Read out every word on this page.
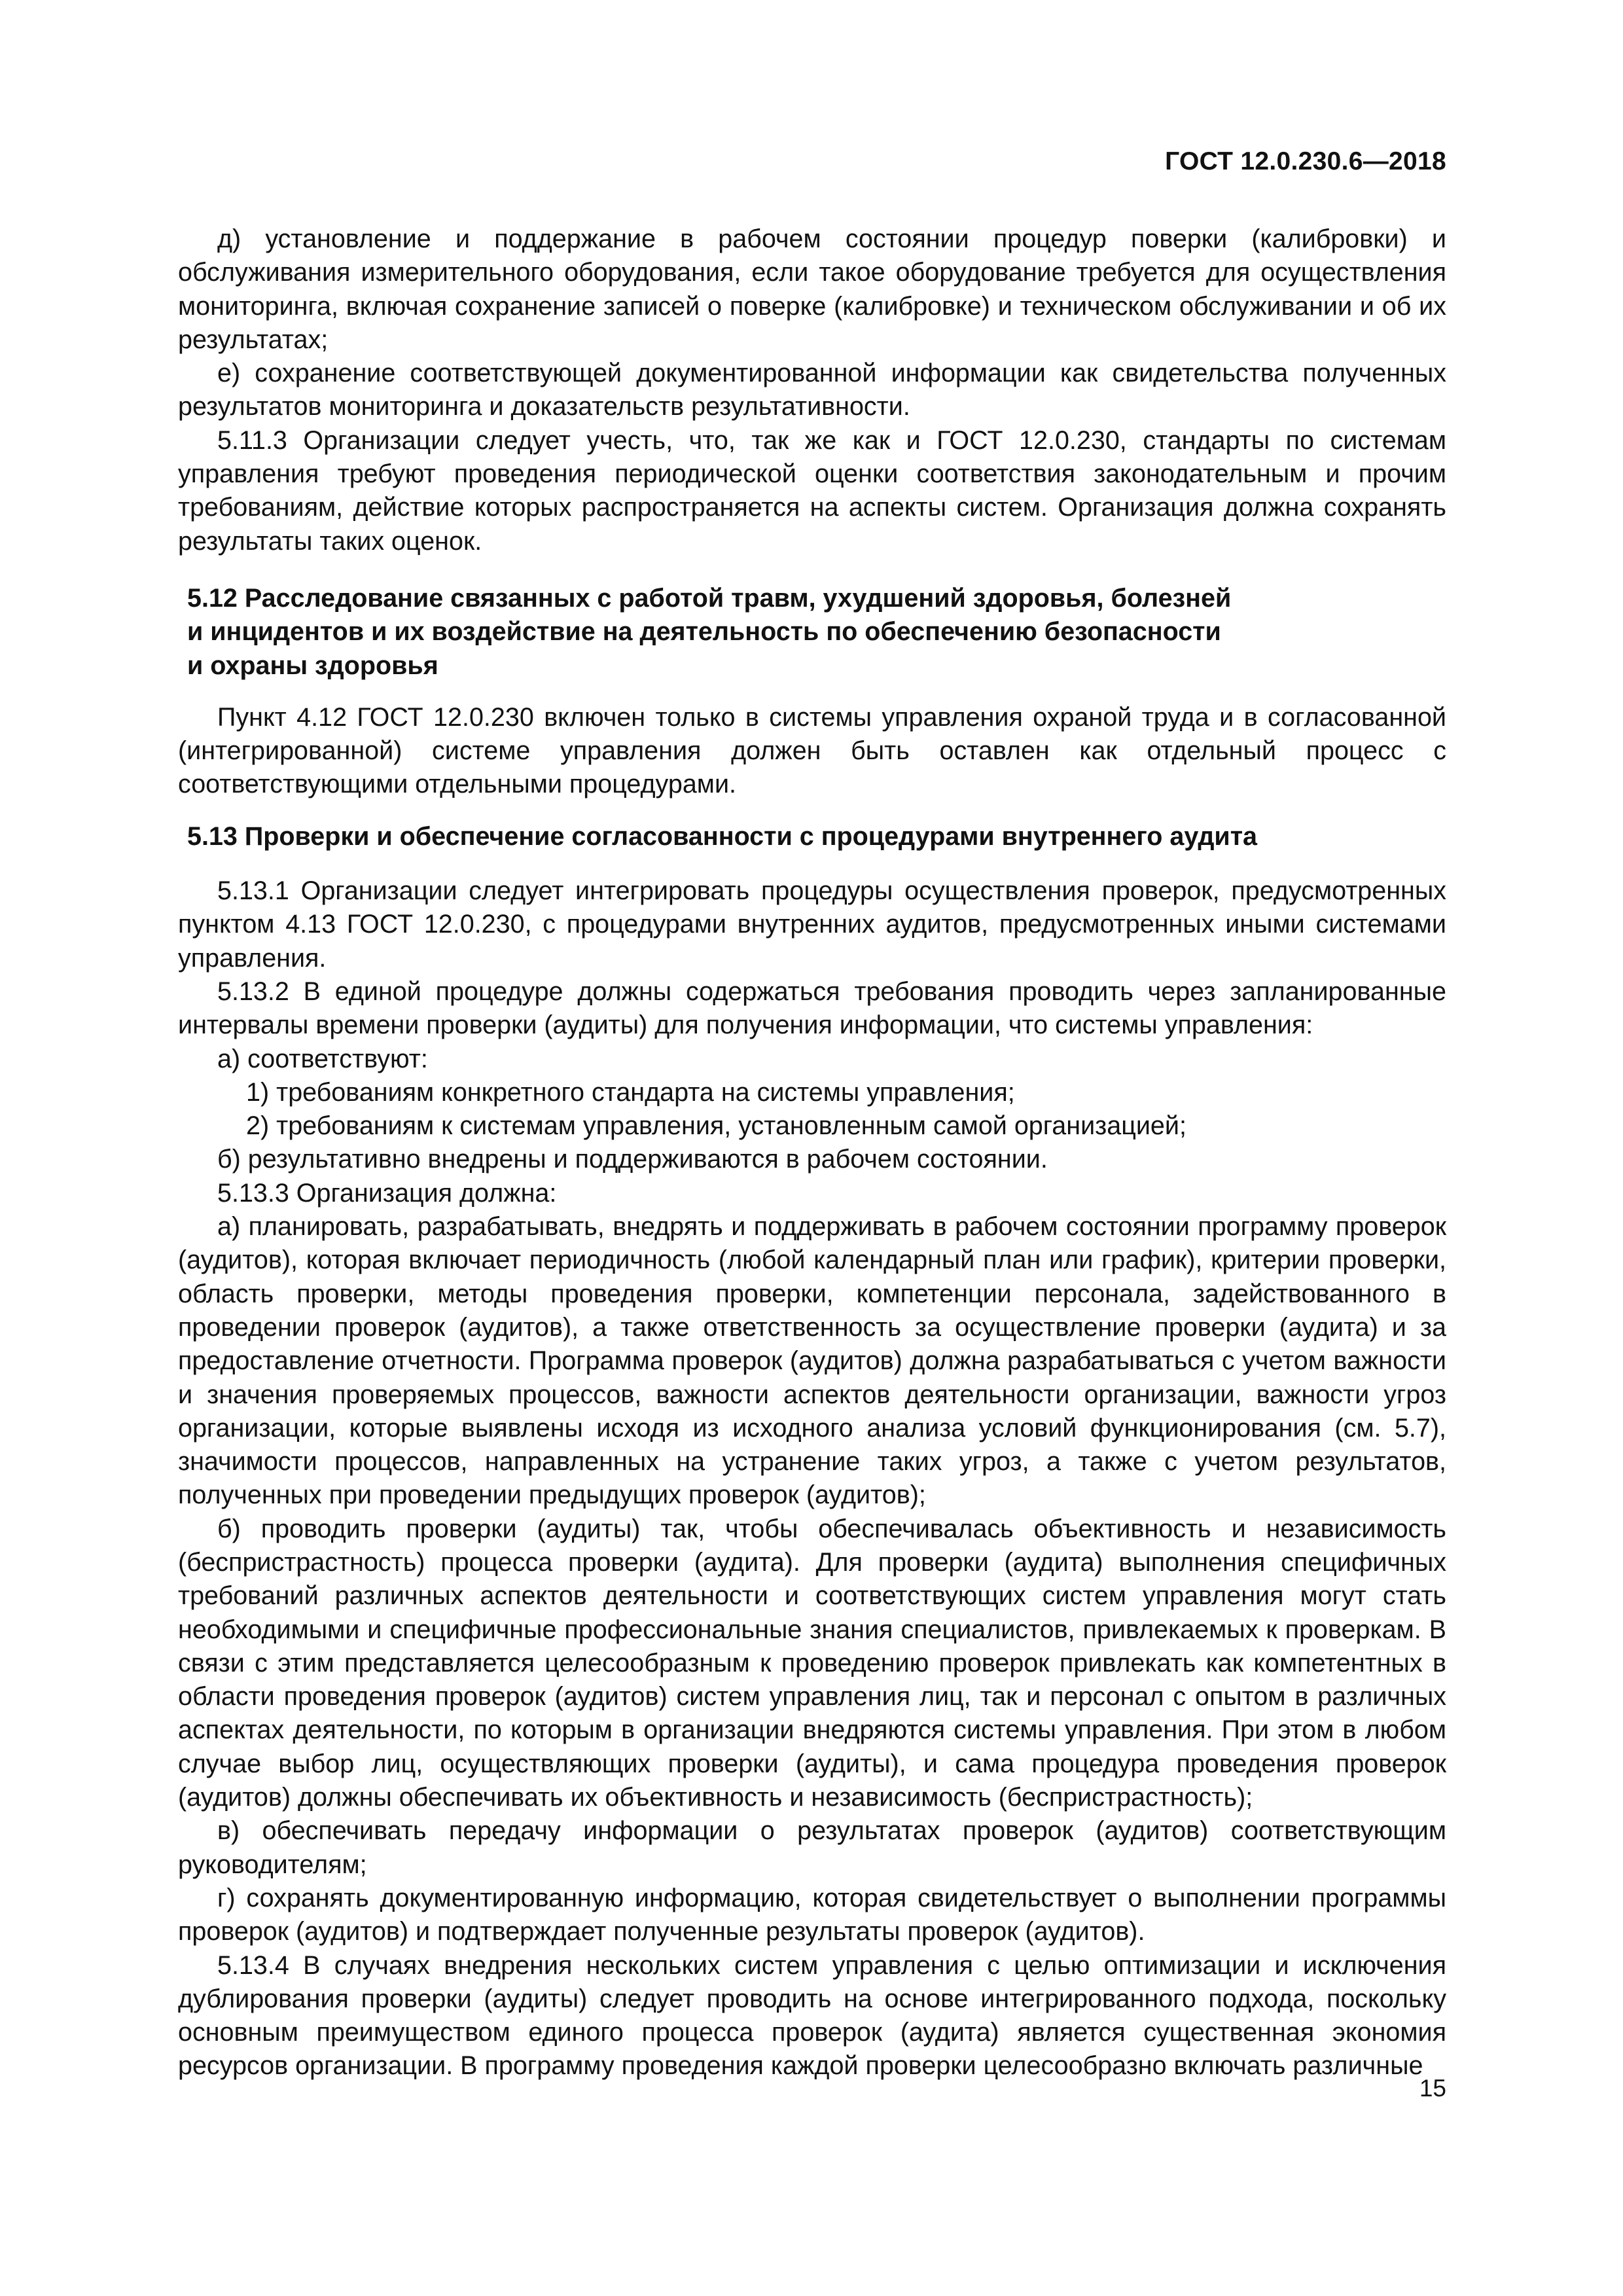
ГОСТ 12.0.230.6—2018

д) установление и поддержание в рабочем состоянии процедур поверки (калибровки) и обслуживания измерительного оборудования, если такое оборудование требуется для осуществления мониторинга, включая сохранение записей о поверке (калибровке) и техническом обслуживании и об их результатах;

е) сохранение соответствующей документированной информации как свидетельства полученных результатов мониторинга и доказательств результативности.

5.11.3 Организации следует учесть, что, так же как и ГОСТ 12.0.230, стандарты по системам управления требуют проведения периодической оценки соответствия законодательным и прочим требованиям, действие которых распространяется на аспекты систем. Организация должна сохранять результаты таких оценок.

5.12 Расследование связанных с работой травм, ухудшений здоровья, болезней
и инцидентов и их воздействие на деятельность по обеспечению безопасности
и охраны здоровья

Пункт 4.12 ГОСТ 12.0.230 включен только в системы управления охраной труда и в согласованной (интегрированной) системе управления должен быть оставлен как отдельный процесс с соответствующими отдельными процедурами.

5.13 Проверки и обеспечение согласованности с процедурами внутреннего аудита

5.13.1 Организации следует интегрировать процедуры осуществления проверок, предусмотренных пунктом 4.13 ГОСТ 12.0.230, с процедурами внутренних аудитов, предусмотренных иными системами управления.

5.13.2 В единой процедуре должны содержаться требования проводить через запланированные интервалы времени проверки (аудиты) для получения информации, что системы управления:

а) соответствуют:

1) требованиям конкретного стандарта на системы управления;

2) требованиям к системам управления, установленным самой организацией;

б) результативно внедрены и поддерживаются в рабочем состоянии.

5.13.3 Организация должна:

а) планировать, разрабатывать, внедрять и поддерживать в рабочем состоянии программу проверок (аудитов), которая включает периодичность (любой календарный план или график), критерии проверки, область проверки, методы проведения проверки, компетенции персонала, задействованного в проведении проверок (аудитов), а также ответственность за осуществление проверки (аудита) и за предоставление отчетности. Программа проверок (аудитов) должна разрабатываться с учетом важности и значения проверяемых процессов, важности аспектов деятельности организации, важности угроз организации, которые выявлены исходя из исходного анализа условий функционирования (см. 5.7), значимости процессов, направленных на устранение таких угроз, а также с учетом результатов, полученных при проведении предыдущих проверок (аудитов);

б) проводить проверки (аудиты) так, чтобы обеспечивалась объективность и независимость (беспристрастность) процесса проверки (аудита). Для проверки (аудита) выполнения специфичных требований различных аспектов деятельности и соответствующих систем управления могут стать необходимыми и специфичные профессиональные знания специалистов, привлекаемых к проверкам. В связи с этим представляется целесообразным к проведению проверок привлекать как компетентных в области проведения проверок (аудитов) систем управления лиц, так и персонал с опытом в различных аспектах деятельности, по которым в организации внедряются системы управления. При этом в любом случае выбор лиц, осуществляющих проверки (аудиты), и сама процедура проведения проверок (аудитов) должны обеспечивать их объективность и независимость (беспристрастность);

в) обеспечивать передачу информации о результатах проверок (аудитов) соответствующим руководителям;

г) сохранять документированную информацию, которая свидетельствует о выполнении программы проверок (аудитов) и подтверждает полученные результаты проверок (аудитов).

5.13.4 В случаях внедрения нескольких систем управления с целью оптимизации и исключения дублирования проверки (аудиты) следует проводить на основе интегрированного подхода, поскольку основным преимуществом единого процесса проверок (аудита) является существенная экономия ресурсов организации. В программу проведения каждой проверки целесообразно включать различные

15
